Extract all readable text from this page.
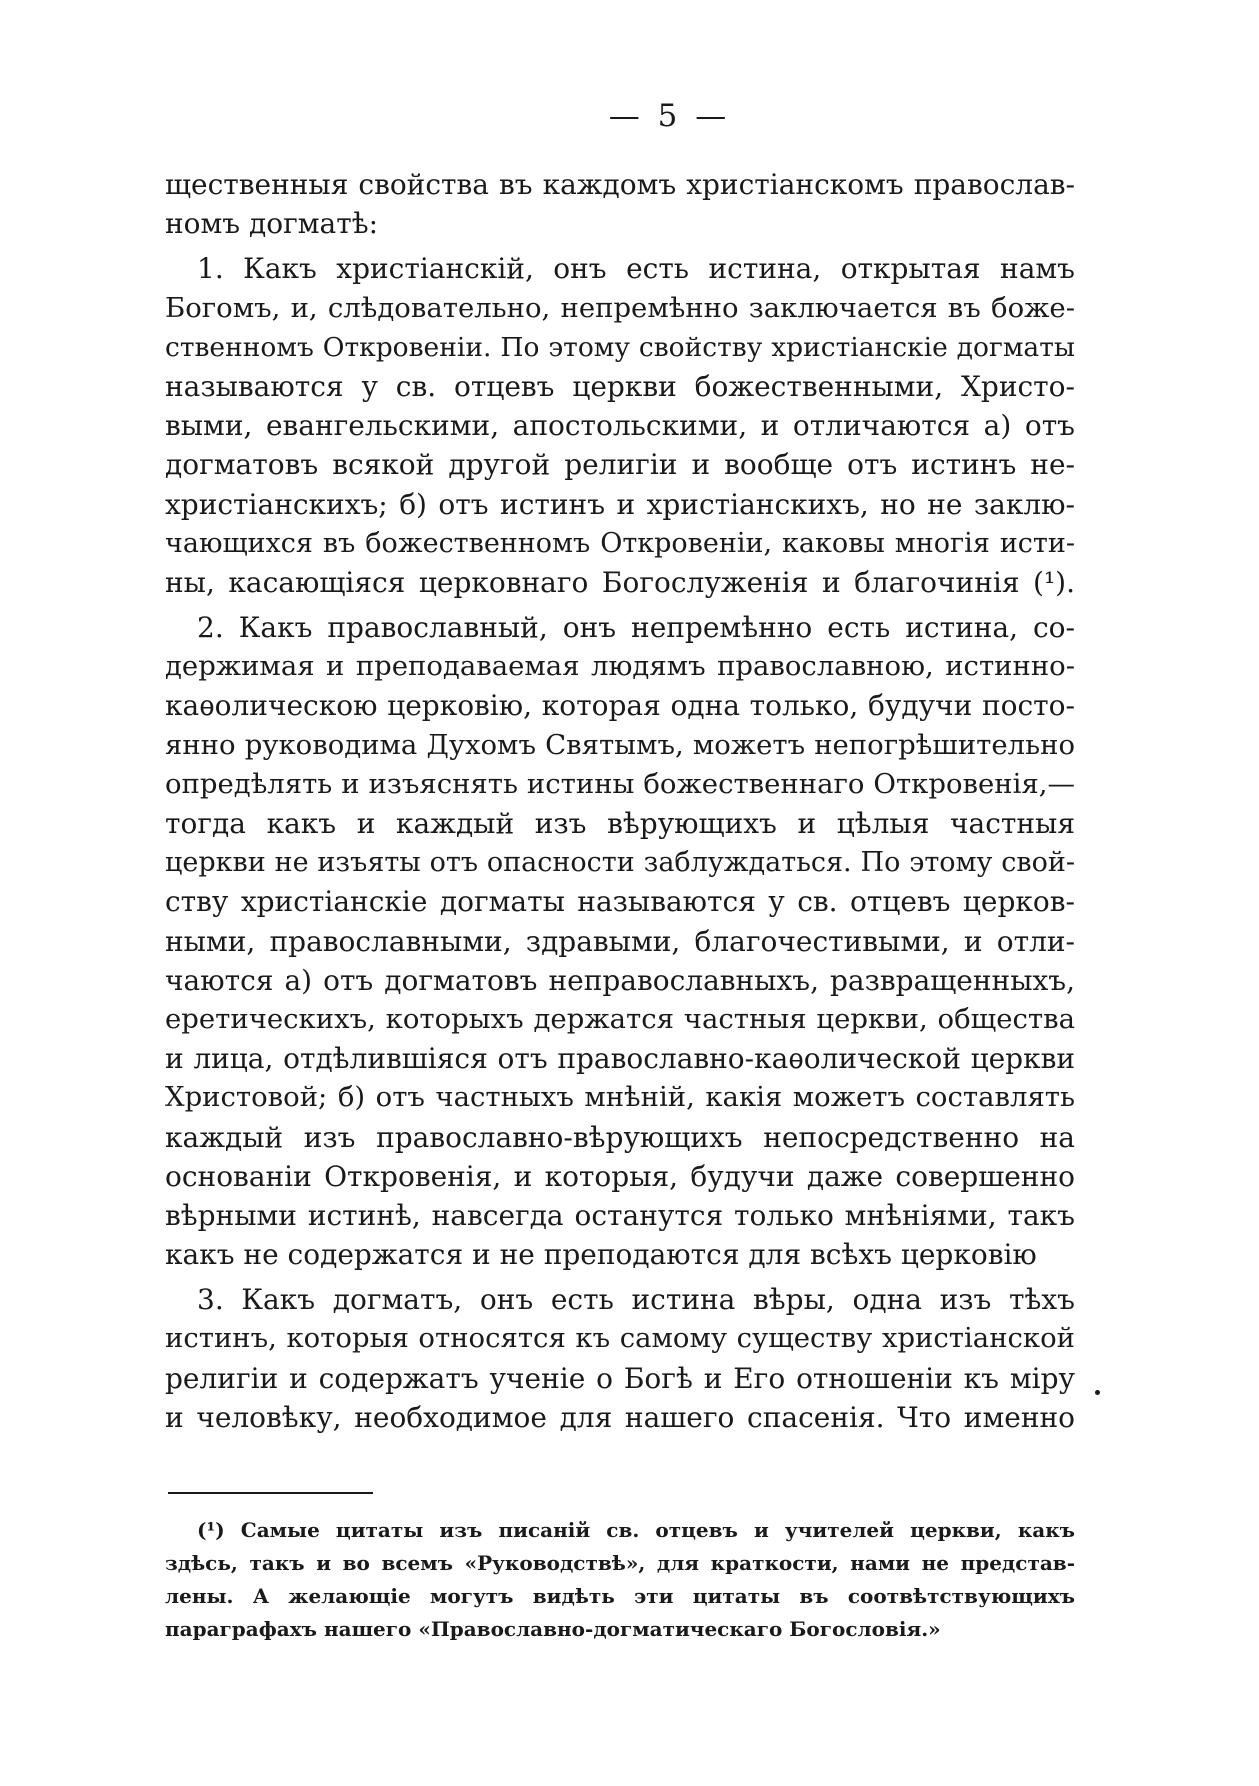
— 5 —
щественныя свойства въ каждомъ христіанскомъ православ-
номъ догматѣ:
1. Какъ христіанскій, онъ есть истина, открытая намъ
Богомъ, и, слѣдовательно, непремѣнно заключается въ боже-
ственномъ Откровеніи. По этому свойству христіанскіе догматы
называются у св. отцевъ церкви божественными, Христо-
выми, евангельскими, апостольскими, и отличаются а) отъ
догматовъ всякой другой религіи и вообще отъ истинъ не-
христіанскихъ; б) отъ истинъ и христіанскихъ, но не заклю-
чающихся въ божественномъ Откровеніи, каковы многія исти-
ны, касающіяся церковнаго Богослуженія и благочинія (¹).
2. Какъ православный, онъ непремѣнно есть истина, со-
держимая и преподаваемая людямъ православною, истинно-
каѳолическою церковію, которая одна только, будучи посто-
янно руководима Духомъ Святымъ, можетъ непогрѣшительно
опредѣлять и изъяснять истины божественнаго Откровенія,—
тогда какъ и каждый изъ вѣрующихъ и цѣлыя частныя
церкви не изъяты отъ опасности заблуждаться. По этому свой-
ству христіанскіе догматы называются у св. отцевъ церков-
ными, православными, здравыми, благочестивыми, и отли-
чаются а) отъ догматовъ неправославныхъ, развращенныхъ,
еретическихъ, которыхъ держатся частныя церкви, общества
и лица, отдѣлившіяся отъ православно-каѳолической церкви
Христовой; б) отъ частныхъ мнѣній, какія можетъ составлять
каждый изъ православно-вѣрующихъ непосредственно на
основаніи Откровенія, и которыя, будучи даже совершенно
вѣрными истинѣ, навсегда останутся только мнѣніями, такъ
какъ не содержатся и не преподаются для всѣхъ церковію
3. Какъ догматъ, онъ есть истина вѣры, одна изъ тѣхъ
истинъ, которыя относятся къ самому существу христіанской
религіи и содержатъ ученіе о Богѣ и Его отношеніи къ міру
и человѣку, необходимое для нашего спасенія. Что именно
(¹) Самые цитаты изъ писаній св. отцевъ и учителей церкви, какъ
здѣсь, такъ и во всемъ «Руководствѣ», для краткости, нами не представ-
лены. А желающіе могутъ видѣть эти цитаты въ соотвѣтствующихъ
параграфахъ нашего «Православно-догматическаго Богословія.»
